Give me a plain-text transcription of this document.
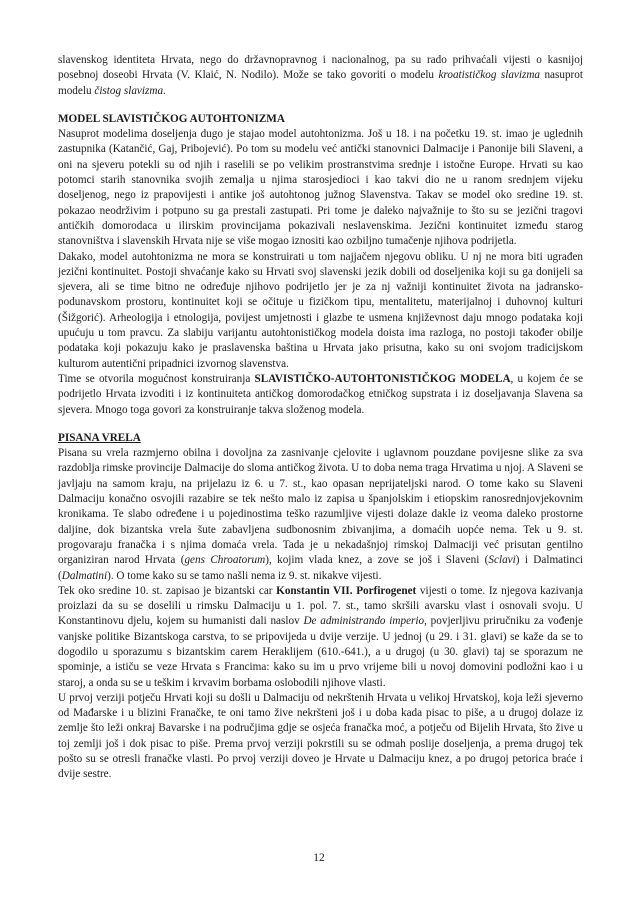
slavenskog identiteta Hrvata, nego do državnopravnog i nacionalnog, pa su rado prihvaćali vijesti o kasnijoj posebnoj doseobi Hrvata (V. Klaić, N. Nodilo). Može se tako govoriti o modelu kroatističkog slavizma nasuprot modelu čistog slavizma.

MODEL SLAVISTIČKOG AUTOHTONIZMA

Nasuprot modelima doseljenja dugo je stajao model autohtonizma. Još u 18. i na početku 19. st. imao je uglednih zastupnika (Katančić, Gaj, Pribojević). Po tom su modelu već antički stanovnici Dalmacije i Panonije bili Slaveni, a oni na sjeveru potekli su od njih i raselili se po velikim prostranstvima srednje i istočne Europe. Hrvati su kao potomci starih stanovnika svojih zemalja u njima starosjedioci i kao takvi dio ne u ranom srednjem vijeku doseljenog, nego iz prapovijesti i antike još autohtonog južnog Slavenstva. Takav se model oko sredine 19. st. pokazao neodrživim i potpuno su ga prestali zastupati. Pri tome je daleko najvažnije to što su se jezični tragovi antičkih domorodaca u ilirskim provincijama pokazivali neslavenskima. Jezični kontinuitet između starog stanovništva i slavenskih Hrvata nije se više mogao iznositi kao ozbiljno tumačenje njihova podrijetla.

Dakako, model autohtonizma ne mora se konstruirati u tom najjačem njegovu obliku. U nj ne mora biti ugrađen jezični kontinuitet. Postoji shvaćanje kako su Hrvati svoj slavenski jezik dobili od doseljenika koji su ga donijeli sa sjevera, ali se time bitno ne određuje njihovo podrijetlo jer je za nj važniji kontinuitet života na jadransko-podunavskom prostoru, kontinuitet koji se očituje u fizičkom tipu, mentalitetu, materijalnoj i duhovnoj kulturi (Šižgorić). Arheologija i etnologija, povijest umjetnosti i glazbe te usmena književnost daju mnogo podataka koji upućuju u tom pravcu. Za slabiju varijantu autohtonističkog modela doista ima razloga, no postoji također obilje podataka koji pokazuju kako je praslavenska baština u Hrvata jako prisutna, kako su oni svojom tradicijskom kulturom autentični pripadnici izvornog slavenstva.

Time se otvorila mogućnost konstruiranja SLAVISTIČKO-AUTOHTONISTIČKOG MODELA, u kojem će se podrijetlo Hrvata izvoditi i iz kontinuiteta antičkog domorodačkog etničkog supstrata i iz doseljavanja Slavena sa sjevera. Mnogo toga govori za konstruiranje takva složenog modela.

PISANA VRELA

Pisana su vrela razmjerno obilna i dovoljna za zasnivanje cjelovite i uglavnom pouzdane povijesne slike za sva razdoblja rimske provincije Dalmacije do sloma antičkog života. U to doba nema traga Hrvatima u njoj. A Slaveni se javljaju na samom kraju, na prijelazu iz 6. u 7. st., kao opasan neprijateljski narod. O tome kako su Slaveni Dalmaciju konačno osvojili razabire se tek nešto malo iz zapisa u španjolskim i etiopskim ranosrednjovjekovnim kronikama. Te slabo određene i u pojedinostima teško razumljive vijesti dolaze dakle iz veoma daleko prostorne daljine, dok bizantska vrela šute zabavljena sudbonosnim zbivanjima, a domaćih uopće nema. Tek u 9. st. progovaraju franačka i s njima domaća vrela. Tada je u nekadašnjoj rimskoj Dalmaciji već prisutan gentilno organiziran narod Hrvata (gens Chroatorum), kojim vlada knez, a zove se još i Slaveni (Sclavi) i Dalmatinci (Dalmatini). O tome kako su se tamo našli nema iz 9. st. nikakve vijesti.

Tek oko sredine 10. st. zapisao je bizantski car Konstantin VII. Porfirogenet vijesti o tome. Iz njegova kazivanja proizlazi da su se doselili u rimsku Dalmaciju u 1. pol. 7. st., tamo skršili avarsku vlast i osnovali svoju. U Konstantinovu djelu, kojem su humanisti dali naslov De administrando imperio, povjerljivu priručniku za vođenje vanjske politike Bizantskoga carstva, to se pripovijeda u dvije verzije. U jednoj (u 29. i 31. glavi) se kaže da se to dogodilo u sporazumu s bizantskim carem Heraklijem (610.-641.), a u drugoj (u 30. glavi) taj se sporazum ne spominje, a ističu se veze Hrvata s Francima: kako su im u prvo vrijeme bili u novoj domovini podložni kao i u staroj, a onda su se u teškim i krvavim borbama oslobodili njihove vlasti.

U prvoj verziji potječu Hrvati koji su došli u Dalmaciju od nekrštenih Hrvata u velikoj Hrvatskoj, koja leži sjeverno od Mađarske i u blizini Franačke, te oni tamo žive nekršteni još i u doba kada pisac to piše, a u drugoj dolaze iz zemlje što leži onkraj Bavarske i na područjima gdje se osjeća franačka moć, a potječu od Bijelih Hrvata, što žive u toj zemlji još i dok pisac to piše. Prema prvoj verziji pokrstili su se odmah poslije doseljenja, a prema drugoj tek pošto su se otresli franačke vlasti. Po prvoj verziji doveo je Hrvate u Dalmaciju knez, a po drugoj petorica braće i dvije sestre.

12
